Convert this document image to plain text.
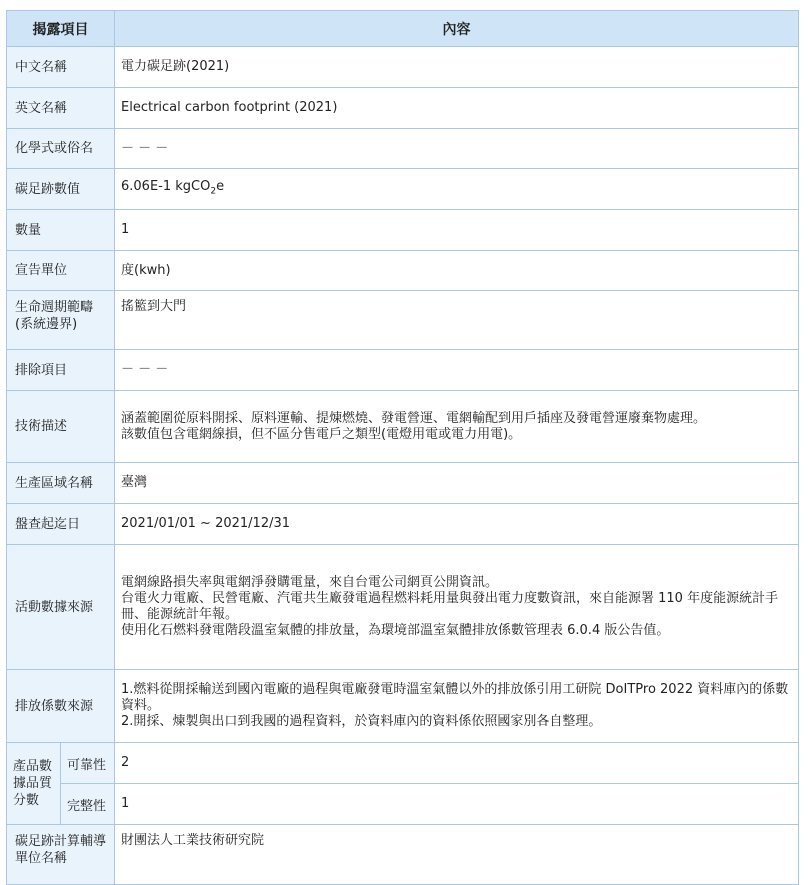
揭露項目		內容
中文名稱		電力碳足跡(2021)
英文名稱		Electrical carbon footprint (2021)
化學式或俗名		－ － －
碳足跡數值		6.06E-1 kgCO$_2$e
數量		1
宣告單位		度(kwh)
生命週期範疇(系統邊界)		搖籃到大門
排除項目		－ － －
技術描述		涵蓋範圍從原料開採、原料運輸、提煉燃燒、發電營運、電網輸配到用戶插座及發電營運廢棄物處理。
該數值包含電網線損，但不區分售電戶之類型(電燈用電或電力用電)。

生產區域名稱		臺灣
盤查起迄日		2021/01/01 ~ 2021/12/31
活動數據來源		電網線路損失率與電網淨發購電量，來自台電公司網頁公開資訊。
台電火力電廠、民營電廠、汽電共生廠發電過程燃料耗用量與發出電力度數資訊，來自能源署 110 年度能源統計手冊、能源統計年報。
使用化石燃料發電階段溫室氣體的排放量，為環境部溫室氣體排放係數管理表 6.0.4 版公告值。

排放係數來源		1.燃料從開採輸送到國內電廠的過程與電廠發電時溫室氣體以外的排放係引用工研院 DoITPro 2022 資料庫內的係數資料。
2.開採、煉製與出口到我國的過程資料，於資料庫內的資料係依照國家別各自整理。

產品數據品質分數	可靠性	2
	完整性	1
碳足跡計算輔導單位名稱		財團法人工業技術研究院
